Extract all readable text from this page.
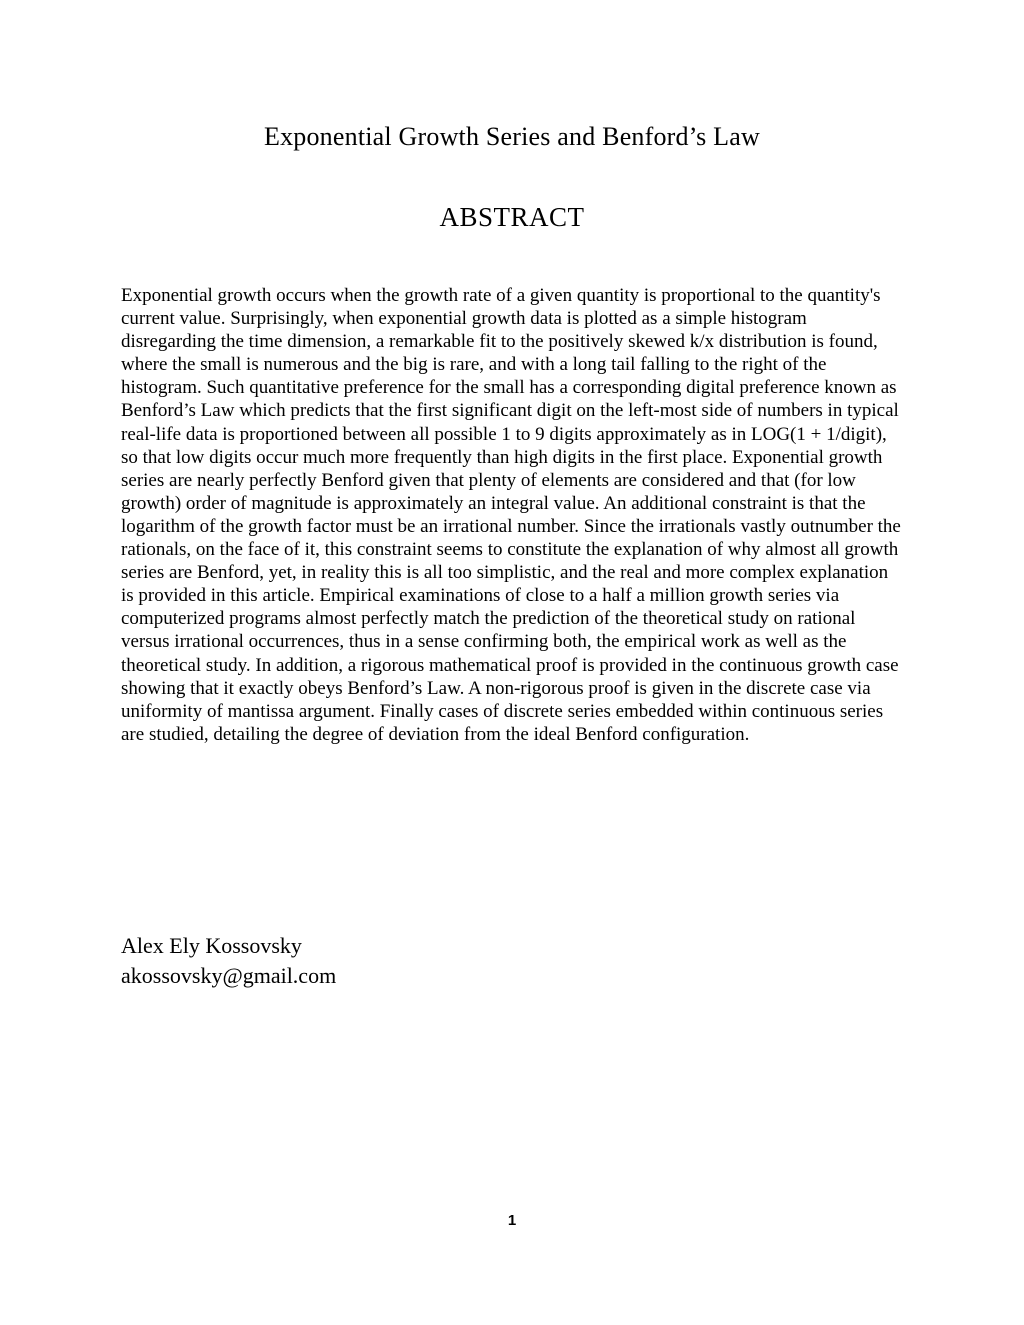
Exponential Growth Series and Benford’s Law
ABSTRACT

Exponential growth occurs when the growth rate of a given quantity is proportional to the quantity's current value. Surprisingly, when exponential growth data is plotted as a simple histogram disregarding the time dimension, a remarkable fit to the positively skewed k/x distribution is found, where the small is numerous and the big is rare, and with a long tail falling to the right of the histogram. Such quantitative preference for the small has a corresponding digital preference known as Benford’s Law which predicts that the first significant digit on the left-most side of numbers in typical real-life data is proportioned between all possible 1 to 9 digits approximately as in LOG(1 + 1/digit), so that low digits occur much more frequently than high digits in the first place. Exponential growth series are nearly perfectly Benford given that plenty of elements are considered and that (for low growth) order of magnitude is approximately an integral value. An additional constraint is that the logarithm of the growth factor must be an irrational number. Since the irrationals vastly outnumber the rationals, on the face of it, this constraint seems to constitute the explanation of why almost all growth series are Benford, yet, in reality this is all too simplistic, and the real and more complex explanation is provided in this article. Empirical examinations of close to a half a million growth series via computerized programs almost perfectly match the prediction of the theoretical study on rational versus irrational occurrences, thus in a sense confirming both, the empirical work as well as the theoretical study. In addition, a rigorous mathematical proof is provided in the continuous growth case showing that it exactly obeys Benford’s Law. A non-rigorous proof is given in the discrete case via uniformity of mantissa argument. Finally cases of discrete series embedded within continuous series are studied, detailing the degree of deviation from the ideal Benford configuration.

Alex Ely Kossovsky
akossovsky@gmail.com
1
